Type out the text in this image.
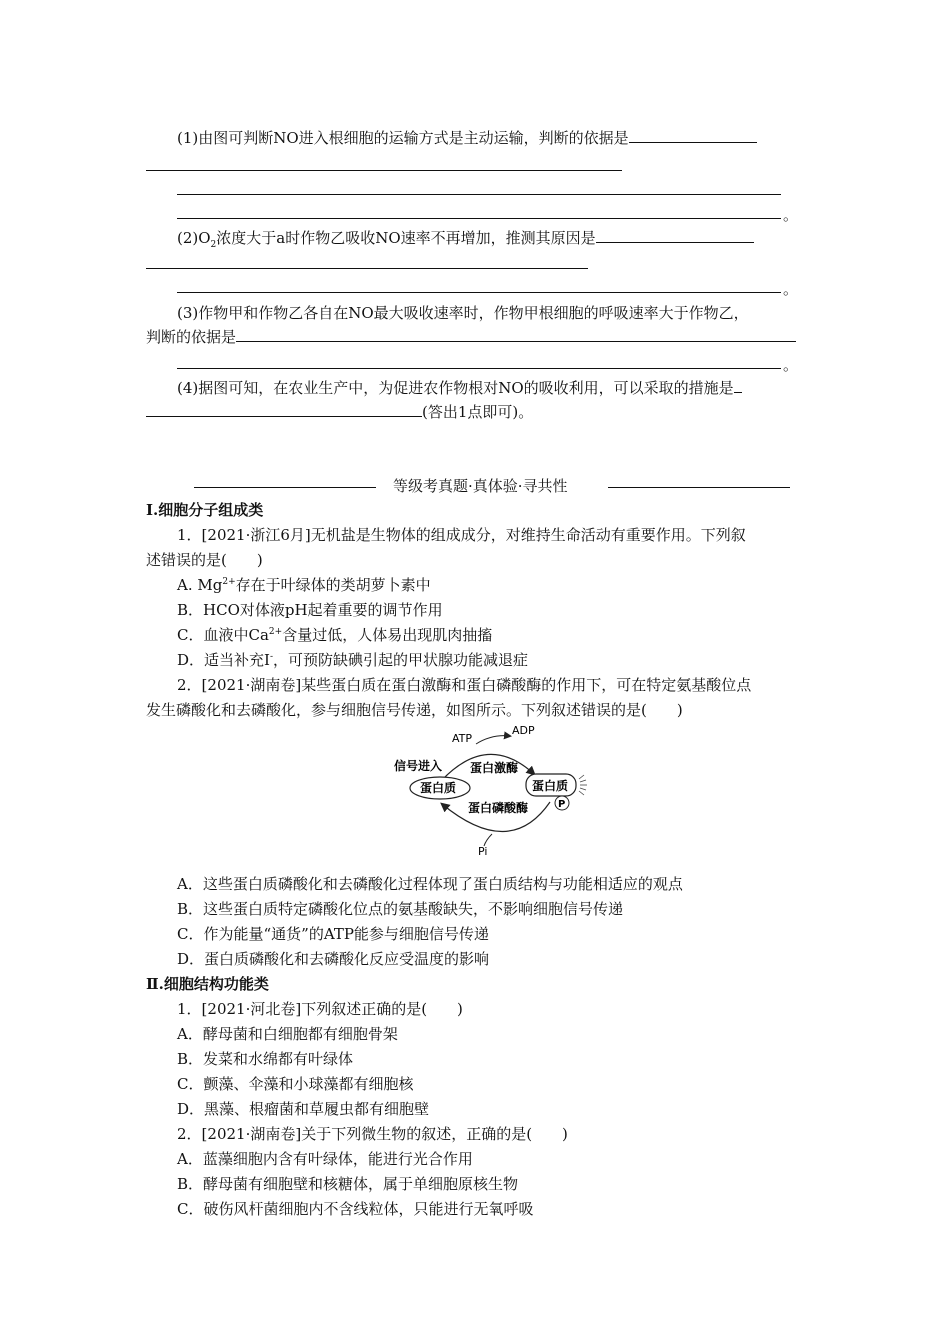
(1)由图可判断NO进入根细胞的运输方式是主动运输，判断的依据是
。
$(2)O_2$浓度大于a时作物乙吸收NO速率不再增加，推测其原因是
。
(3)作物甲和作物乙各自在NO最大吸收速率时，作物甲根细胞的呼吸速率大于作物乙，
判断的依据是
。
(4)据图可知，在农业生产中，为促进农作物根对NO的吸收利用，可以采取的措施是
(答出1点即可)。
等级考真题·真体验·寻共性
Ⅰ.细胞分子组成类
1．[2021·浙江6月]无机盐是生物体的组成成分，对维持生命活动有重要作用。下列叙
述错误的是(　　)
A. $Mg^{2+}$存在于叶绿体的类胡萝卜素中
B．HCO对体液pH起着重要的调节作用
C．血液中$Ca^{2+}$含量过低，人体易出现肌肉抽搐
D．适当补充I-，可预防缺碘引起的甲状腺功能减退症
2．[2021·湖南卷]某些蛋白质在蛋白激酶和蛋白磷酸酶的作用下，可在特定氨基酸位点
发生磷酸化和去磷酸化，参与细胞信号传递，如图所示。下列叙述错误的是(　　)
ATP
ADP
信号进入 蛋白激酶
蛋白磷酸酶
蛋白质	蛋白质
P
Pi
A．这些蛋白质磷酸化和去磷酸化过程体现了蛋白质结构与功能相适应的观点
B．这些蛋白质特定磷酸化位点的氨基酸缺失，不影响细胞信号传递
C．作为能量“通货”的ATP能参与细胞信号传递
D．蛋白质磷酸化和去磷酸化反应受温度的影响
Ⅱ.细胞结构功能类
1．[2021·河北卷]下列叙述正确的是(　　)
A．酵母菌和白细胞都有细胞骨架
B．发菜和水绵都有叶绿体
C．颤藻、伞藻和小球藻都有细胞核
D．黑藻、根瘤菌和草履虫都有细胞壁
2．[2021·湖南卷]关于下列微生物的叙述，正确的是(　　)
A．蓝藻细胞内含有叶绿体，能进行光合作用
B．酵母菌有细胞壁和核糖体，属于单细胞原核生物
C．破伤风杆菌细胞内不含线粒体，只能进行无氧呼吸
